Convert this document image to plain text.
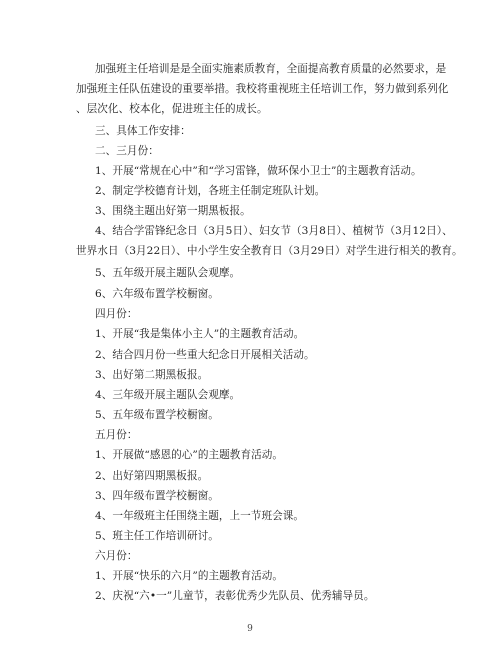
加强班主任培训是是全面实施素质教育，全面提高教育质量的必然要求，是
加强班主任队伍建设的重要举措。我校将重视班主任培训工作，努力做到系列化
、层次化、校本化，促进班主任的成长。
三、具体工作安排：
二、三月份：
1、开展“常规在心中”和“学习雷锋，做环保小卫士”的主题教育活动。
2、制定学校德育计划，各班主任制定班队计划。
3、围绕主题出好第一期黑板报。
4、结合学雷锋纪念日（3月5日）、妇女节（3月8日）、植树节（3月12日）、
世界水日（3月22日）、中小学生安全教育日（3月29日）对学生进行相关的教育。
5、五年级开展主题队会观摩。
6、六年级布置学校橱窗。
四月份：
1、开展“我是集体小主人”的主题教育活动。
2、结合四月份一些重大纪念日开展相关活动。
3、出好第二期黑板报。
4、三年级开展主题队会观摩。
5、五年级布置学校橱窗。
五月份：
1、开展做“感恩的心”的主题教育活动。
2、出好第四期黑板报。
3、四年级布置学校橱窗。
4、一年级班主任围绕主题，上一节班会课。
5、班主任工作培训研讨。
六月份：
1、开展“快乐的六月”的主题教育活动。
2、庆祝“六•一”儿童节，表彰优秀少先队员、优秀辅导员。
9
